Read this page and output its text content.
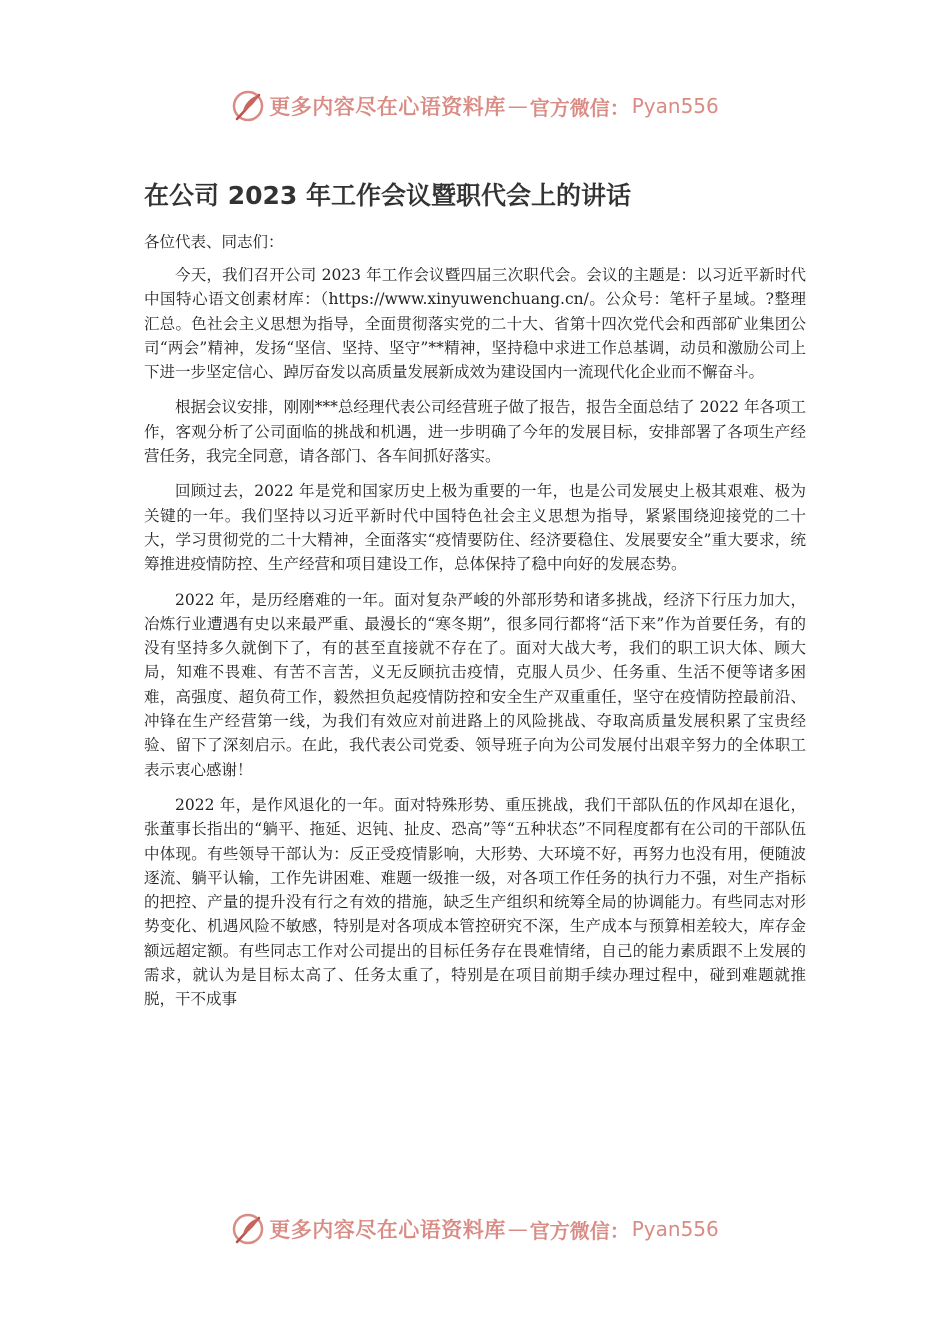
更多内容尽在心语资料库 — 官方微信： Pyan556
在公司 2023 年工作会议暨职代会上的讲话

各位代表、同志们：

今天，我们召开公司 2023 年工作会议暨四届三次职代会。会议的主题是：以习近平新时代中国特心语文创素材库：（https://www.xinyuwenchuang.cn/。公众号：笔杆子星域。?整理汇总。色社会主义思想为指导，全面贯彻落实党的二十大、省第十四次党代会和西部矿业集团公司“两会”精神，发扬“坚信、坚持、坚守”**精神，坚持稳中求进工作总基调，动员和激励公司上下进一步坚定信心、踔厉奋发以高质量发展新成效为建设国内一流现代化企业而不懈奋斗。

根据会议安排，刚刚***总经理代表公司经营班子做了报告，报告全面总结了 2022 年各项工作，客观分析了公司面临的挑战和机遇，进一步明确了今年的发展目标，安排部署了各项生产经营任务，我完全同意，请各部门、各车间抓好落实。

回顾过去，2022 年是党和国家历史上极为重要的一年，也是公司发展史上极其艰难、极为关键的一年。我们坚持以习近平新时代中国特色社会主义思想为指导，紧紧围绕迎接党的二十大，学习贯彻党的二十大精神，全面落实“疫情要防住、经济要稳住、发展要安全”重大要求，统筹推进疫情防控、生产经营和项目建设工作，总体保持了稳中向好的发展态势。

2022 年，是历经磨难的一年。面对复杂严峻的外部形势和诸多挑战，经济下行压力加大，冶炼行业遭遇有史以来最严重、最漫长的“寒冬期”，很多同行都将“活下来”作为首要任务，有的没有坚持多久就倒下了，有的甚至直接就不存在了。面对大战大考，我们的职工识大体、顾大局，知难不畏难、有苦不言苦，义无反顾抗击疫情，克服人员少、任务重、生活不便等诸多困难，高强度、超负荷工作，毅然担负起疫情防控和安全生产双重重任，坚守在疫情防控最前沿、冲锋在生产经营第一线，为我们有效应对前进路上的风险挑战、夺取高质量发展积累了宝贵经验、留下了深刻启示。在此，我代表公司党委、领导班子向为公司发展付出艰辛努力的全体职工表示衷心感谢！

2022 年，是作风退化的一年。面对特殊形势、重压挑战，我们干部队伍的作风却在退化，张董事长指出的“躺平、拖延、迟钝、扯皮、恐高”等“五种状态”不同程度都有在公司的干部队伍中体现。有些领导干部认为：反正受疫情影响，大形势、大环境不好，再努力也没有用，便随波逐流、躺平认输，工作先讲困难、难题一级推一级，对各项工作任务的执行力不强，对生产指标的把控、产量的提升没有行之有效的措施，缺乏生产组织和统筹全局的协调能力。有些同志对形势变化、机遇风险不敏感，特别是对各项成本管控研究不深，生产成本与预算相差较大，库存金额远超定额。有些同志工作对公司提出的目标任务存在畏难情绪，自己的能力素质跟不上发展的需求，就认为是目标太高了、任务太重了，特别是在项目前期手续办理过程中，碰到难题就推脱，干不成事

更多内容尽在心语资料库 — 官方微信： Pyan556
